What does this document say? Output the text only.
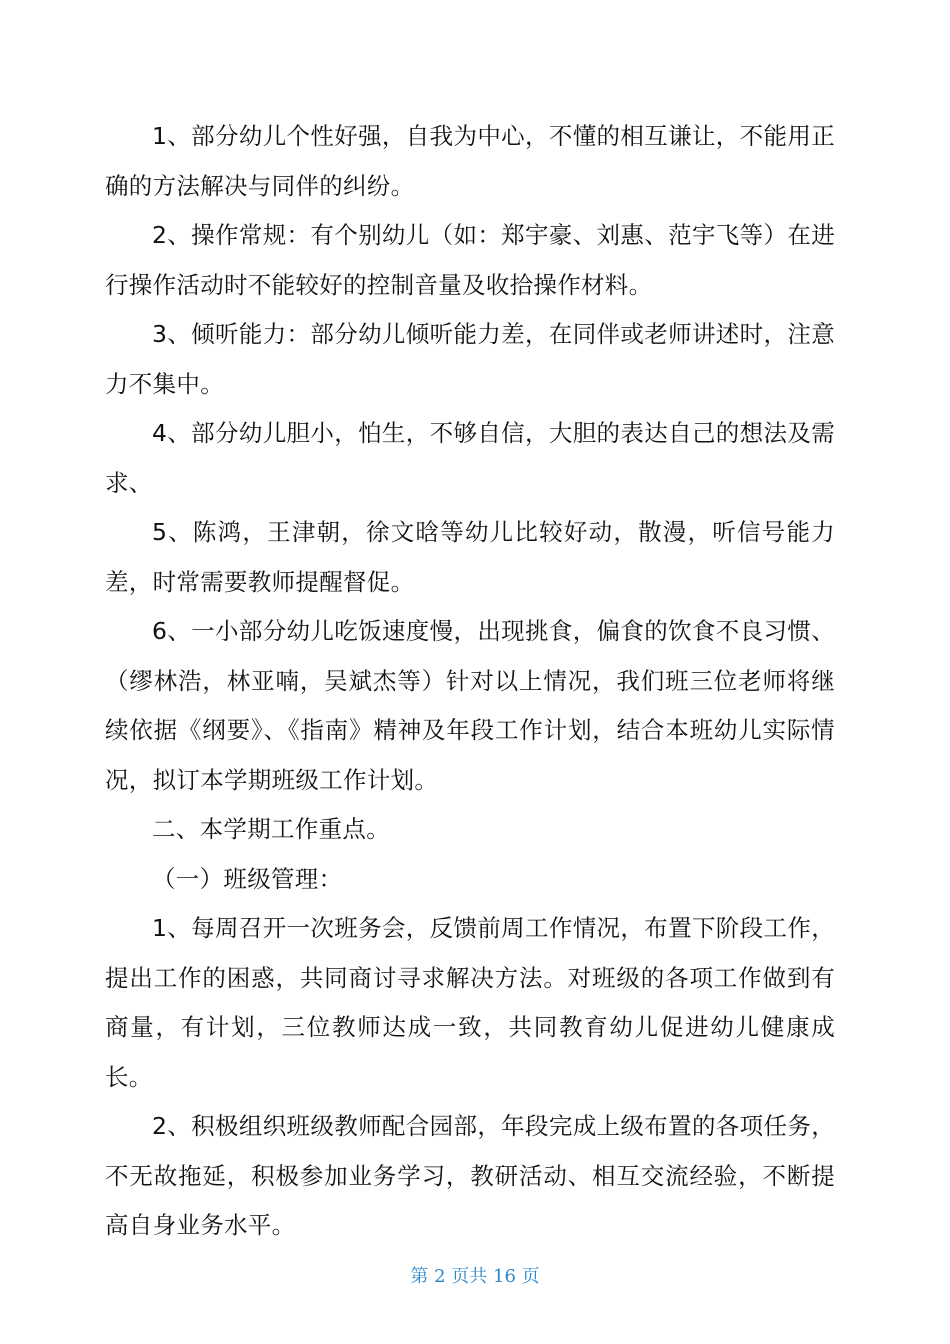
1、部分幼儿个性好强，自我为中心，不懂的相互谦让，不能用正确的方法解决与同伴的纠纷。

2、操作常规：有个别幼儿（如：郑宇豪、刘惠、范宇飞等）在进行操作活动时不能较好的控制音量及收拾操作材料。

3、倾听能力：部分幼儿倾听能力差，在同伴或老师讲述时，注意力不集中。

4、部分幼儿胆小，怕生，不够自信，大胆的表达自己的想法及需求、

5、陈鸿，王津朝，徐文晗等幼儿比较好动，散漫，听信号能力差，时常需要教师提醒督促。

6、一小部分幼儿吃饭速度慢，出现挑食，偏食的饮食不良习惯、（缪林浩，林亚喃，吴斌杰等）针对以上情况，我们班三位老师将继续依据《纲要》、《指南》精神及年段工作计划，结合本班幼儿实际情况，拟订本学期班级工作计划。

二、本学期工作重点。

（一）班级管理：

1、每周召开一次班务会，反馈前周工作情况，布置下阶段工作，提出工作的困惑，共同商讨寻求解决方法。对班级的各项工作做到有商量，有计划，三位教师达成一致，共同教育幼儿促进幼儿健康成长。

2、积极组织班级教师配合园部，年段完成上级布置的各项任务，不无故拖延，积极参加业务学习，教研活动、相互交流经验，不断提高自身业务水平。

第 2 页共 16 页
